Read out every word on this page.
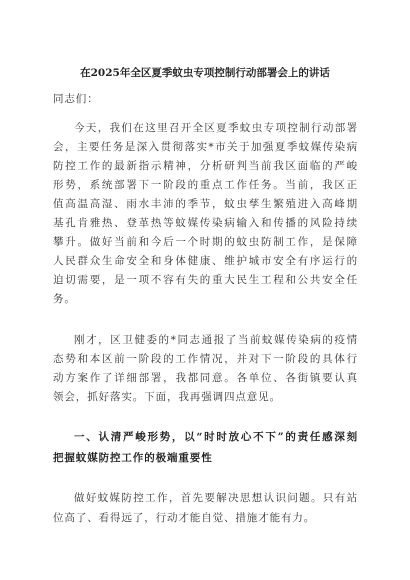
在2025年全区夏季蚊虫专项控制行动部署会上的讲话
同志们：
今天，我们在这里召开全区夏季蚊虫专项控制行动部署
会，主要任务是深入贯彻落实*市关于加强夏季蚊媒传染病
防控工作的最新指示精神，分析研判当前我区面临的严峻
形势，系统部署下一阶段的重点工作任务。当前，我区正
值高温高湿、雨水丰沛的季节，蚊虫孳生繁殖进入高峰期
基孔肯雅热、登革热等蚊媒传染病输入和传播的风险持续
攀升。做好当前和今后一个时期的蚊虫防制工作，是保障
人民群众生命安全和身体健康、维护城市安全有序运行的
迫切需要，是一项不容有失的重大民生工程和公共安全任
务。
刚才，区卫健委的*同志通报了当前蚊媒传染病的疫情
态势和本区前一阶段的工作情况，并对下一阶段的具体行
动方案作了详细部署，我都同意。各单位、各街镇要认真
领会，抓好落实。下面，我再强调四点意见。
一、认清严峻形势，以“时时放心不下”的责任感深刻
把握蚊媒防控工作的极端重要性
做好蚊媒防控工作，首先要解决思想认识问题。只有站
位高了、看得远了，行动才能自觉、措施才能有力。
